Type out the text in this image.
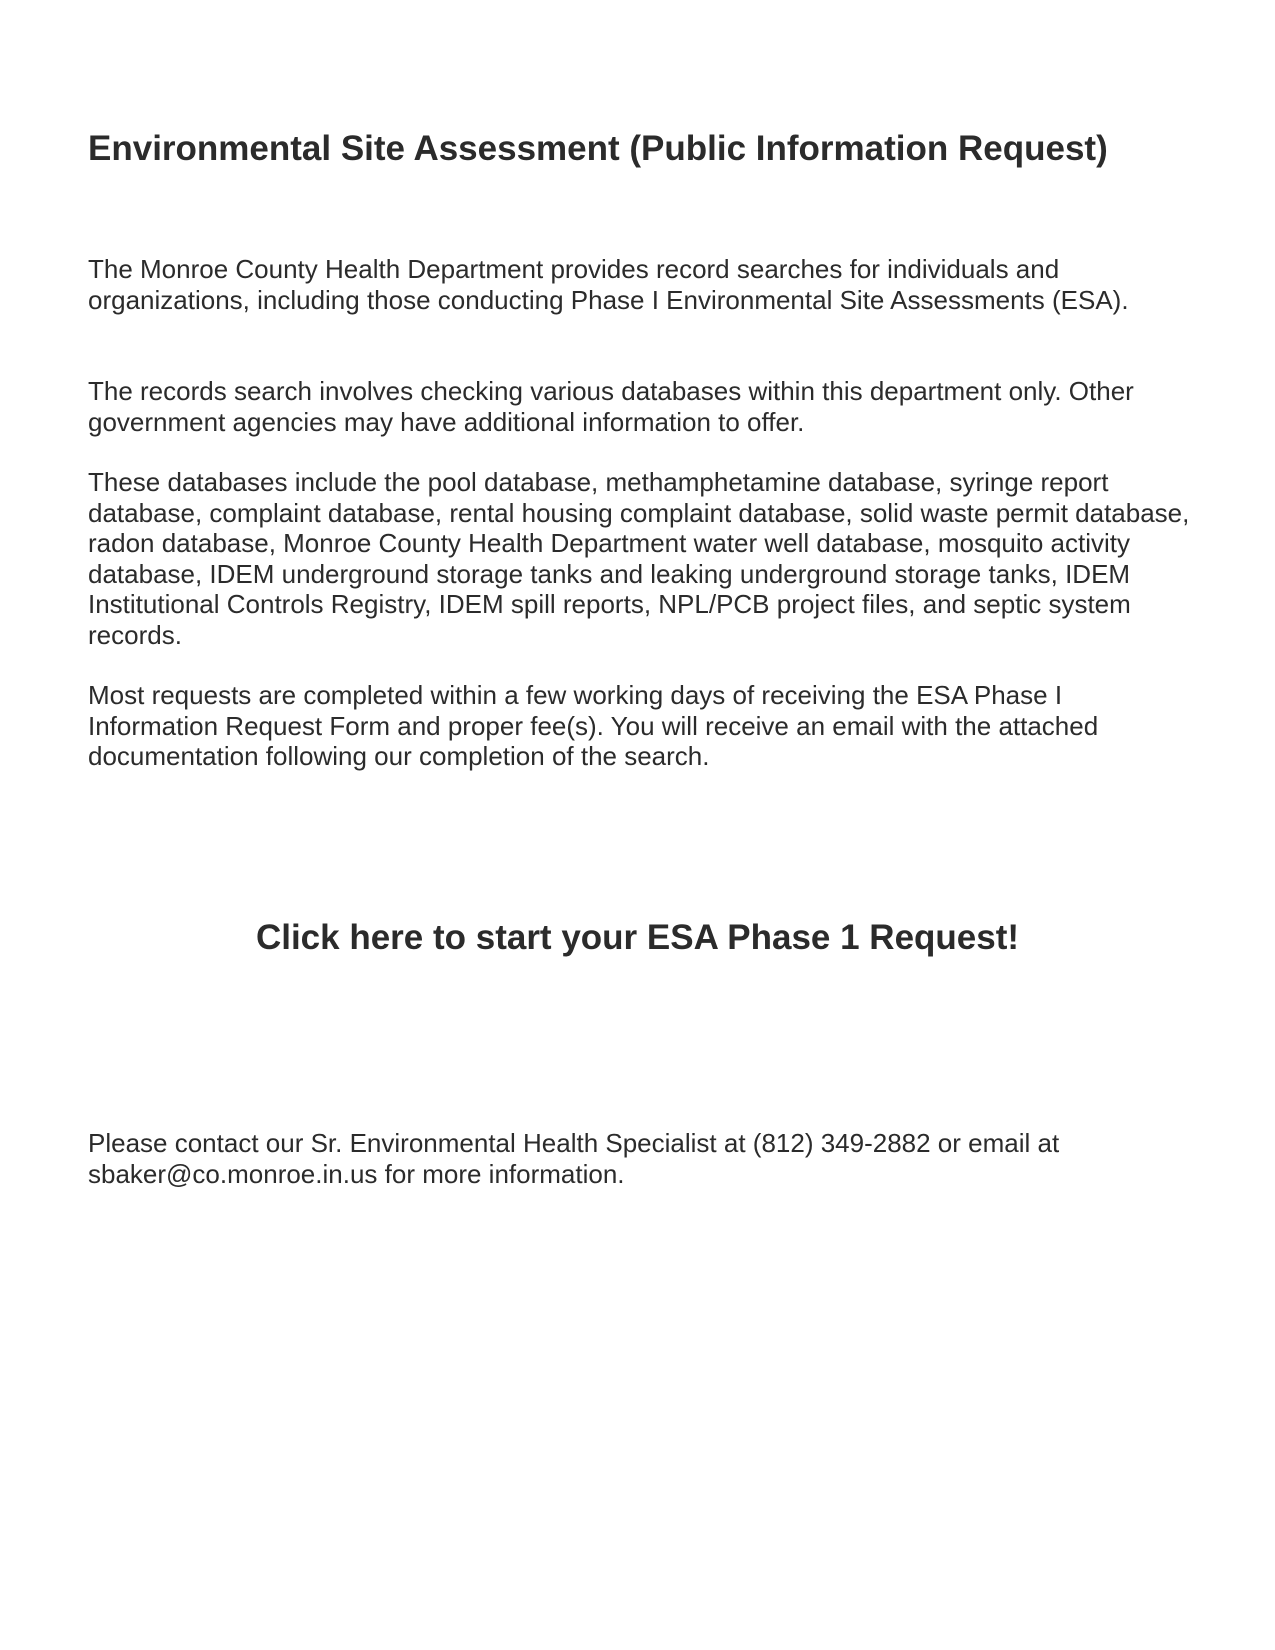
Environmental Site Assessment (Public Information Request)

The Monroe County Health Department provides record searches for individuals and organizations, including those conducting Phase I Environmental Site Assessments (ESA).

The records search involves checking various databases within this department only. Other government agencies may have additional information to offer.

These databases include the pool database, methamphetamine database, syringe report database, complaint database, rental housing complaint database, solid waste permit database, radon database, Monroe County Health Department water well database, mosquito activity database, IDEM underground storage tanks and leaking underground storage tanks, IDEM Institutional Controls Registry, IDEM spill reports, NPL/PCB project files, and septic system records.

Most requests are completed within a few working days of receiving the ESA Phase I Information Request Form and proper fee(s). You will receive an email with the attached documentation following our completion of the search.

Click here to start your ESA Phase 1 Request!

Please contact our Sr. Environmental Health Specialist at (812) 349-2882 or email at sbaker@co.monroe.in.us for more information.
